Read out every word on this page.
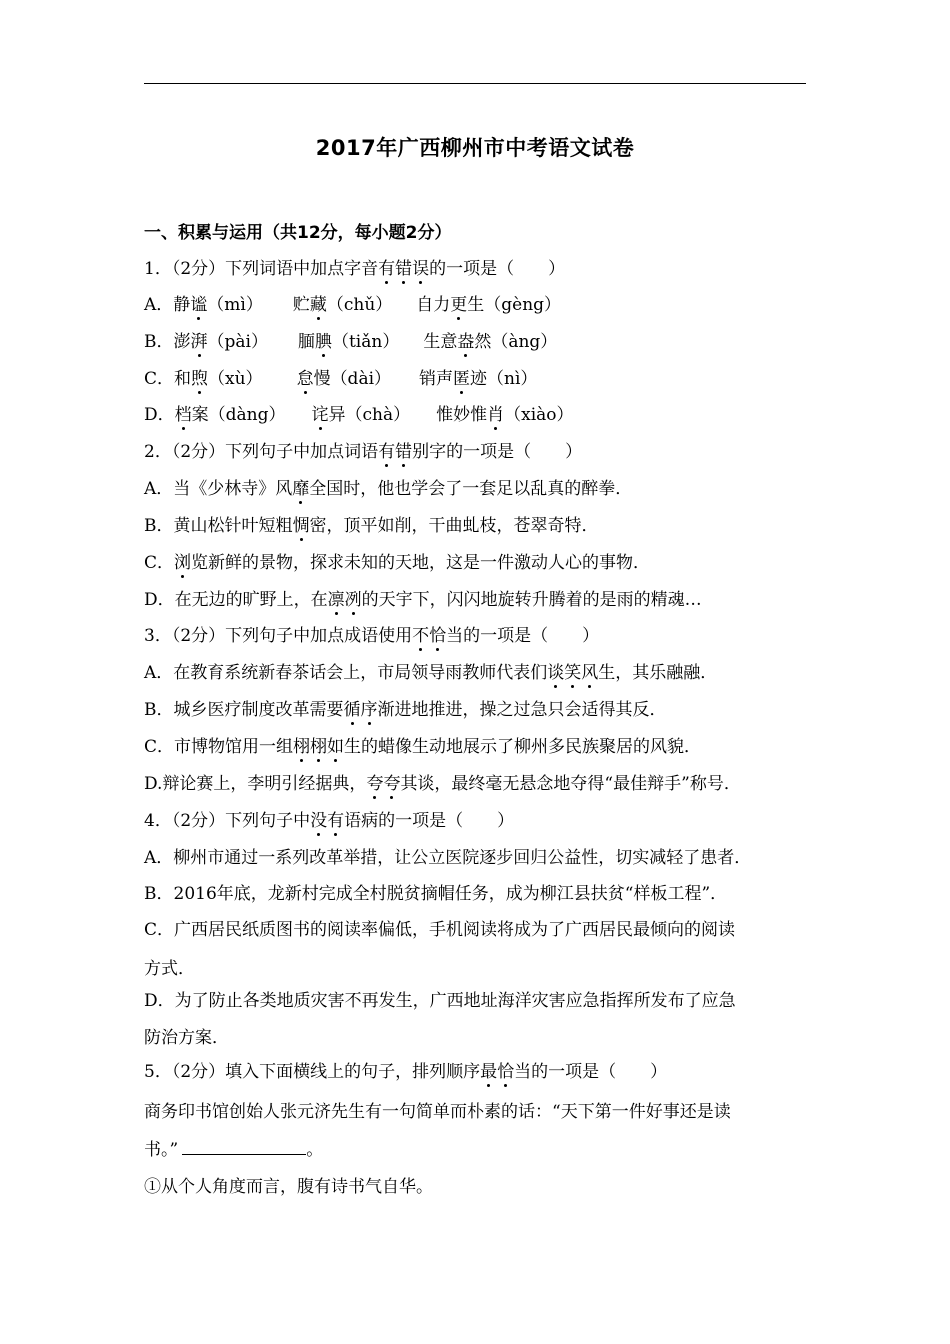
2017年广西柳州市中考语文试卷
一、积累与运用（共12分，每小题2分）
1．（2分）下列词语中加点字音有错误的一项是（　　）
A．静谧（mì） 贮藏（chǔ） 自力更生（gèng）
B．澎湃（pài） 腼腆（tiǎn） 生意盎然（àng）
C．和煦（xù） 怠慢（dài） 销声匿迹（nì）
D．档案（dàng） 诧异（chà） 惟妙惟肖（xiào）
2．（2分）下列句子中加点词语有错别字的一项是（　　）
A．当《少林寺》风靡全国时，他也学会了一套足以乱真的醉拳．
B．黄山松针叶短粗惆密，顶平如削，干曲虬枝，苍翠奇特．
C．浏览新鲜的景物，探求未知的天地，这是一件激动人心的事物．
D．在无边的旷野上，在凛冽的天宇下，闪闪地旋转升腾着的是雨的精魂…
3．（2分）下列句子中加点成语使用不恰当的一项是（　　）
A．在教育系统新春茶话会上，市局领导雨教师代表们谈笑风生，其乐融融．
B．城乡医疗制度改革需要循序渐进地推进，操之过急只会适得其反．
C．市博物馆用一组栩栩如生的蜡像生动地展示了柳州多民族聚居的风貌．
D.辩论赛上，李明引经据典，夸夸其谈，最终毫无悬念地夺得“最佳辩手”称号．
4．（2分）下列句子中没有语病的一项是（　　）
A．柳州市通过一系列改革举措，让公立医院逐步回归公益性，切实减轻了患者．
B．2016年底，龙新村完成全村脱贫摘帽任务，成为柳江县扶贫“样板工程”．
C．广西居民纸质图书的阅读率偏低，手机阅读将成为了广西居民最倾向的阅读
方式．
D．为了防止各类地质灾害不再发生，广西地址海洋灾害应急指挥所发布了应急
防治方案．
5．（2分）填入下面横线上的句子，排列顺序最恰当的一项是（　　）
商务印书馆创始人张元济先生有一句简单而朴素的话：“天下第一件好事还是读
书。”	。
①从个人角度而言，腹有诗书气自华。
